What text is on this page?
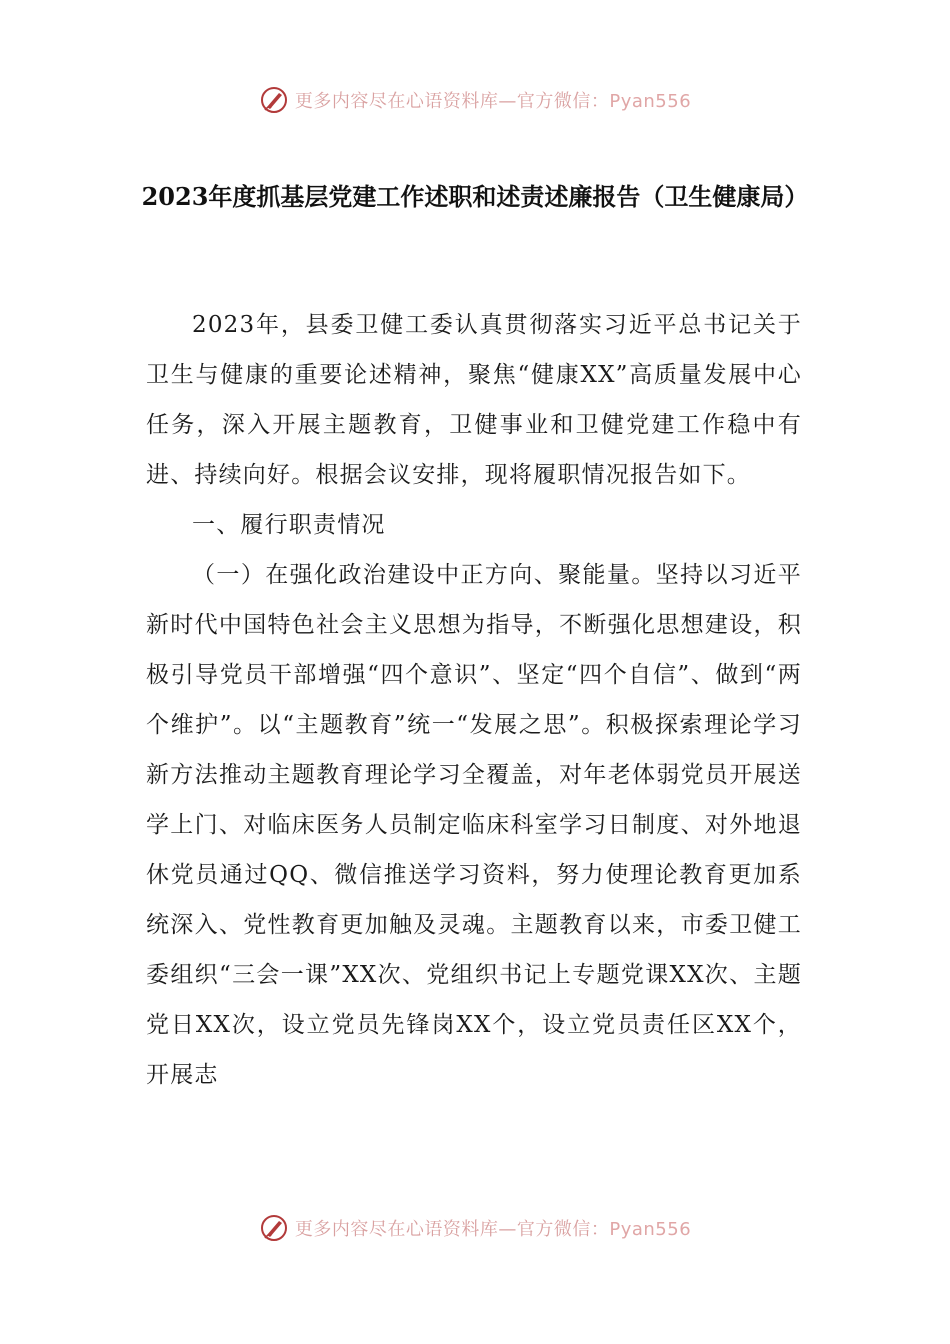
更多内容尽在心语资料库—官方微信：Pyan556
2023年度抓基层党建工作述职和述责述廉报告（卫生健康局）

2023年，县委卫健工委认真贯彻落实习近平总书记关于卫生与健康的重要论述精神，聚焦“健康XX”高质量发展中心任务，深入开展主题教育，卫健事业和卫健党建工作稳中有进、持续向好。根据会议安排，现将履职情况报告如下。

一、履行职责情况

（一）在强化政治建设中正方向、聚能量。坚持以习近平新时代中国特色社会主义思想为指导，不断强化思想建设，积极引导党员干部增强“四个意识”、坚定“四个自信”、做到“两个维护”。以“主题教育”统一“发展之思”。积极探索理论学习新方法推动主题教育理论学习全覆盖，对年老体弱党员开展送学上门、对临床医务人员制定临床科室学习日制度、对外地退休党员通过QQ、微信推送学习资料，努力使理论教育更加系统深入、党性教育更加触及灵魂。主题教育以来，市委卫健工委组织“三会一课”XX次、党组织书记上专题党课XX次、主题党日XX次，设立党员先锋岗XX个，设立党员责任区XX个，开展志

更多内容尽在心语资料库—官方微信：Pyan556
